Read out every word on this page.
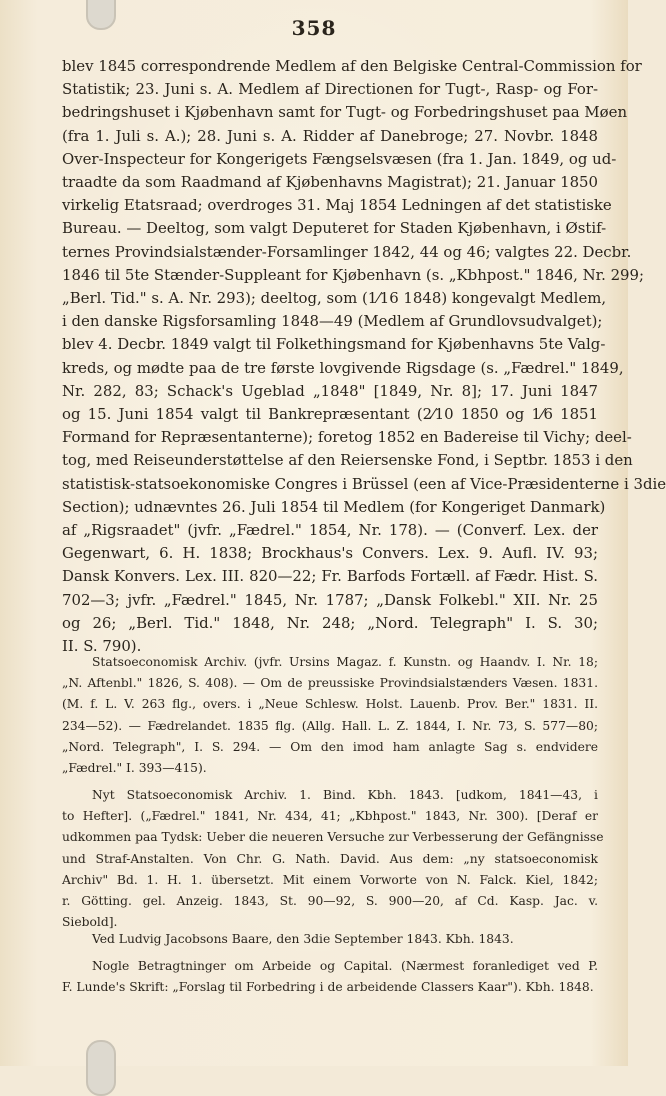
358
blev 1845 correspondrende Medlem af den Belgiske Central-Commission for
Statistik; 23. Juni s. A. Medlem af Directionen for Tugt-, Rasp- og For-
bedringshuset i Kjøbenhavn samt for Tugt- og Forbedringshuset paa Møen
(fra 1. Juli s. A.); 28. Juni s. A. Ridder af Danebroge; 27. Novbr. 1848
Over-Inspecteur for Kongerigets Fængselsvæsen (fra 1. Jan. 1849, og ud-
traadte da som Raadmand af Kjøbenhavns Magistrat); 21. Januar 1850
virkelig Etatsraad; overdroges 31. Maj 1854 Ledningen af det statistiske
Bureau. — Deeltog, som valgt Deputeret for Staden Kjøbenhavn, i Østif-
ternes Provindsialstænder-Forsamlinger 1842, 44 og 46; valgtes 22. Decbr.
1846 til 5te Stænder-Suppleant for Kjøbenhavn (s. „Kbhpost." 1846, Nr. 299;
„Berl. Tid." s. A. Nr. 293); deeltog, som (1⁄16 1848) kongevalgt Medlem,
i den danske Rigsforsamling 1848—49 (Medlem af Grundlovsudvalget);
blev 4. Decbr. 1849 valgt til Folkethingsmand for Kjøbenhavns 5te Valg-
kreds, og mødte paa de tre første lovgivende Rigsdage (s. „Fædrel." 1849,
Nr. 282, 83; Schack's Ugeblad „1848" [1849, Nr. 8]; 17. Juni 1847
og 15. Juni 1854 valgt til Bankrepræsentant (2⁄10 1850 og 1⁄6 1851
Formand for Repræsentanterne); foretog 1852 en Badereise til Vichy; deel-
tog, med Reiseunderstøttelse af den Reiersenske Fond, i Septbr. 1853 i den
statistisk-statsoekonomiske Congres i Brüssel (een af Vice-Præsidenterne i 3die
Section); udnævntes 26. Juli 1854 til Medlem (for Kongeriget Danmark)
af „Rigsraadet" (jvfr. „Fædrel." 1854, Nr. 178). — (Converf. Lex. der
Gegenwart, 6. H. 1838; Brockhaus's Convers. Lex. 9. Aufl. IV. 93;
Dansk Konvers. Lex. III. 820—22; Fr. Barfods Fortæll. af Fædr. Hist. S.
702—3; jvfr. „Fædrel." 1845, Nr. 1787; „Dansk Folkebl." XII. Nr. 25
og 26; „Berl. Tid." 1848, Nr. 248; „Nord. Telegraph" I. S. 30;
II. S. 790).
Statsoeconomisk Archiv. (jvfr. Ursins Magaz. f. Kunstn. og Haandv. I. Nr. 18;
„N. Aftenbl." 1826, S. 408). — Om de preussiske Provindsialstænders Væsen. 1831.
(M. f. L. V. 263 flg., overs. i „Neue Schlesw. Holst. Lauenb. Prov. Ber." 1831. II.
234—52). — Fædrelandet. 1835 flg. (Allg. Hall. L. Z. 1844, I. Nr. 73, S. 577—80;
„Nord. Telegraph", I. S. 294. — Om den imod ham anlagte Sag s. endvidere
„Fædrel." I. 393—415).
Nyt Statsoeconomisk Archiv. 1. Bind. Kbh. 1843. [udkom, 1841—43, i
to Hefter]. („Fædrel." 1841, Nr. 434, 41; „Kbhpost." 1843, Nr. 300). [Deraf er
udkommen paa Tydsk: Ueber die neueren Versuche zur Verbesserung der Gefängnisse
und Straf-Anstalten. Von Chr. G. Nath. David. Aus dem: „ny statsoeconomisk
Archiv" Bd. 1. H. 1. übersetzt. Mit einem Vorworte von N. Falck. Kiel, 1842;
r. Götting. gel. Anzeig. 1843, St. 90—92, S. 900—20, af Cd. Kasp. Jac. v.
Siebold].
Ved Ludvig Jacobsons Baare, den 3die September 1843. Kbh. 1843.
Nogle Betragtninger om Arbeide og Capital. (Nærmest foranlediget ved P.
F. Lunde's Skrift: „Forslag til Forbedring i de arbeidende Classers Kaar"). Kbh. 1848.
